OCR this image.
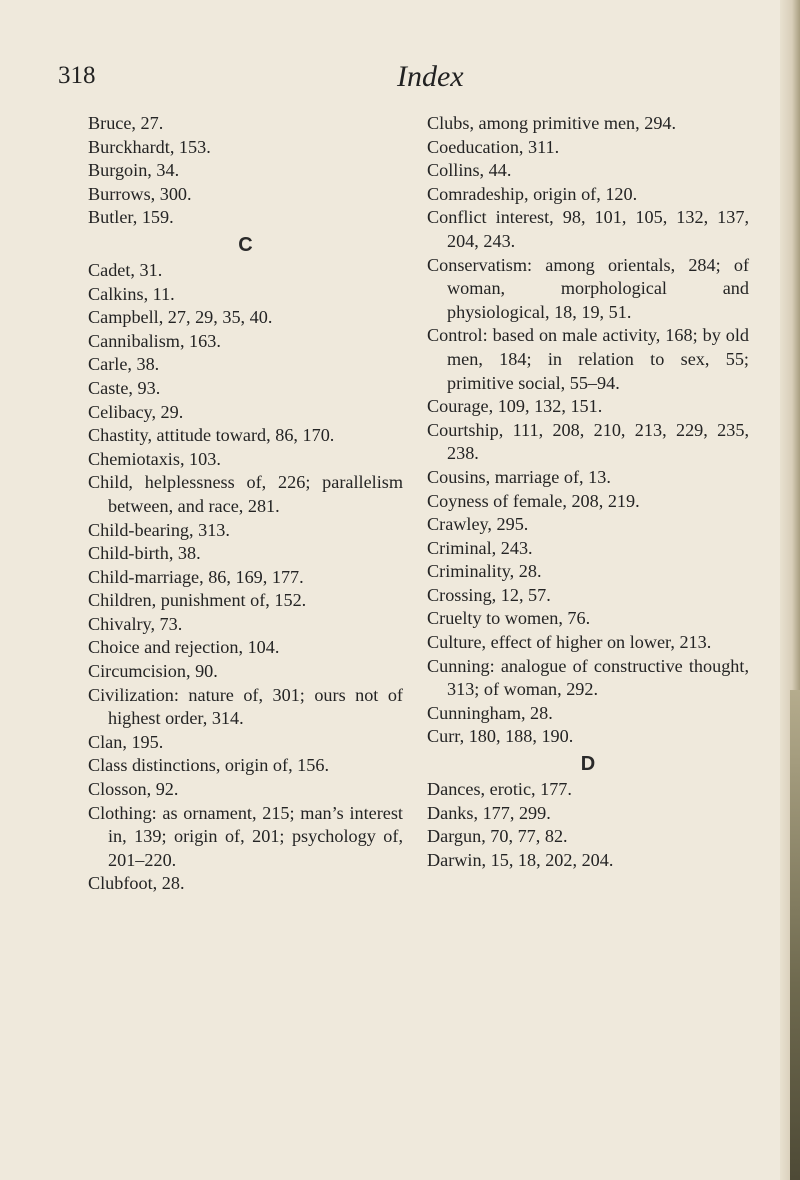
318	Index

Bruce, 27.

Burckhardt, 153.

Burgoin, 34.

Burrows, 300.

Butler, 159.

C

Cadet, 31.

Calkins, 11.

Campbell, 27, 29, 35, 40.

Cannibalism, 163.

Carle, 38.

Caste, 93.

Celibacy, 29.

Chastity, attitude toward, 86, 170.

Chemiotaxis, 103.

Child, helplessness of, 226; parallelism between, and race, 281.

Child-bearing, 313.

Child-birth, 38.

Child-marriage, 86, 169, 177.

Children, punishment of, 152.

Chivalry, 73.

Choice and rejection, 104.

Circumcision, 90.

Civilization: nature of, 301; ours not of highest order, 314.

Clan, 195.

Class distinctions, origin of, 156.

Closson, 92.

Clothing: as ornament, 215; man’s interest in, 139; origin of, 201; psychology of, 201–220.

Clubfoot, 28.

Clubs, among primitive men, 294.

Coeducation, 311.

Collins, 44.

Comradeship, origin of, 120.

Conflict interest, 98, 101, 105, 132, 137, 204, 243.

Conservatism: among orientals, 284; of woman, morphological and physiological, 18, 19, 51.

Control: based on male activity, 168; by old men, 184; in relation to sex, 55; primitive social, 55–94.

Courage, 109, 132, 151.

Courtship, 111, 208, 210, 213, 229, 235, 238.

Cousins, marriage of, 13.

Coyness of female, 208, 219.

Crawley, 295.

Criminal, 243.

Criminality, 28.

Crossing, 12, 57.

Cruelty to women, 76.

Culture, effect of higher on lower, 213.

Cunning: analogue of constructive thought, 313; of woman, 292.

Cunningham, 28.

Curr, 180, 188, 190.

D

Dances, erotic, 177.

Danks, 177, 299.

Dargun, 70, 77, 82.

Darwin, 15, 18, 202, 204.
